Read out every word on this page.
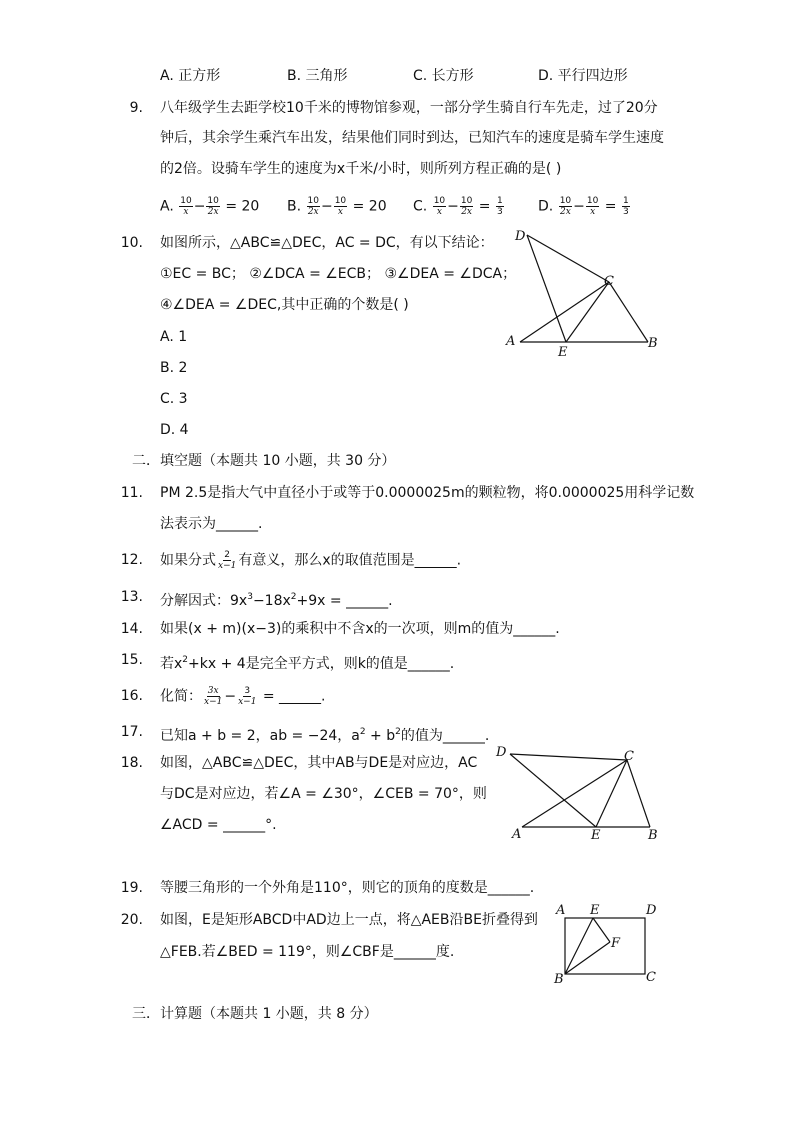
A. 正方形	B. 三角形	C. 长方形	D. 平行四边形
9. 八年级学生去距学校10千米的博物馆参观，一部分学生骑自行车先走，过了20分
钟后，其余学生乘汽车出发，结果他们同时到达，已知汽车的速度是骑车学生速度
的2倍。设骑车学生的速度为x千米/小时，则所列方程正确的是( )
A. $\frac{10}{x} - \frac{10}{2x} = 20$ B. $\frac{10}{2x} - \frac{10}{x} = 20$ C. $\frac{10}{x} - \frac{10}{2x} = \frac{1}{3} D$. $\frac{10}{2x} - \frac{10}{x} = \frac{1}{3}$
10. 如图所示，△ABC≌△DEC，AC = DC，有以下结论：
①EC = BC； ②∠DCA = ∠ECB； ③∠DEA = ∠DCA；
④∠DEA = ∠DEC,其中正确的个数是( )
A. 1
B. 2
C. 3
D. 4
D
C
A
E
B
二．填空题（本题共 10 小题，共 30 分）
11. PM 2.5是指大气中直径小于或等于0.0000025m的颗粒物，将0.0000025用科学记数
法表示为______.
12. 如果分式 $\frac{2}{x-1}$ 有意义，那么x的取值范围是______.
13. 分解因式：$9x^3-18x^2+9x$ = ______.
14. 如果(x + m)(x−3)的乘积中不含x的一次项，则m的值为______.
15. 若$x^2+kx + 4$是完全平方式，则k的值是______.
16. 化简： $\frac{3x}{x-1} - \frac{3}{x-1}$ = ______.
17. 已知a + b = 2，ab = −24，$a^2 + b^2$的值为______.
18. 如图，△ABC≌△DEC，其中AB与DE是对应边，AC
与DC是对应边，若∠A = ∠30°，∠CEB = 70°，则
∠ACD = ______°.
D	C
A	E	B
19. 等腰三角形的一个外角是110°，则它的顶角的度数是______.
20. 如图，E是矩形ABCD中AD边上一点，将△AEB沿BE折叠得到
△FEB.若∠BED = 119°，则∠CBF是______度.
A E	D
F
B	C
三．计算题（本题共 1 小题，共 8 分）
